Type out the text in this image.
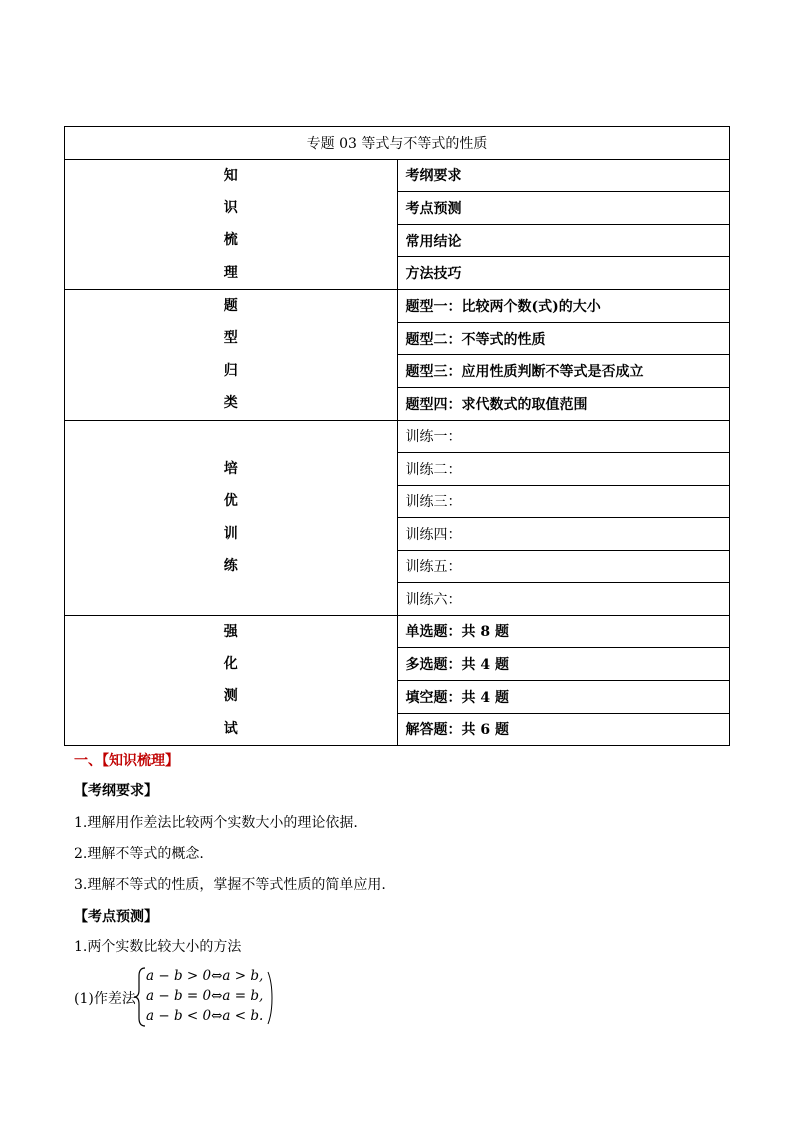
专题 03 等式与不等式的性质	

知
识
梳
理	考纲要求
	考点预测
	常用结论
	方法技巧

题
型
归
类	题型一：比较两个数(式)的大小
	题型二：不等式的性质
	题型三：应用性质判断不等式是否成立
	题型四：求代数式的取值范围

培
优
训
练	训练一：
	训练二：
	训练三：
	训练四：
	训练五：
	训练六：

强
化
测
试	单选题：共 8 题
	多选题：共 4 题
	填空题：共 4 题
	解答题：共 6 题
一、【知识梳理】
【考纲要求】
1.理解用作差法比较两个实数大小的理论依据.
2.理解不等式的概念.
3.理解不等式的性质，掌握不等式性质的简单应用.
【考点预测】
1.两个实数比较大小的方法
(1)作差法
a − b > 0⇔a > b,
a − b = 0⇔a = b,
a − b < 0⇔a < b.
